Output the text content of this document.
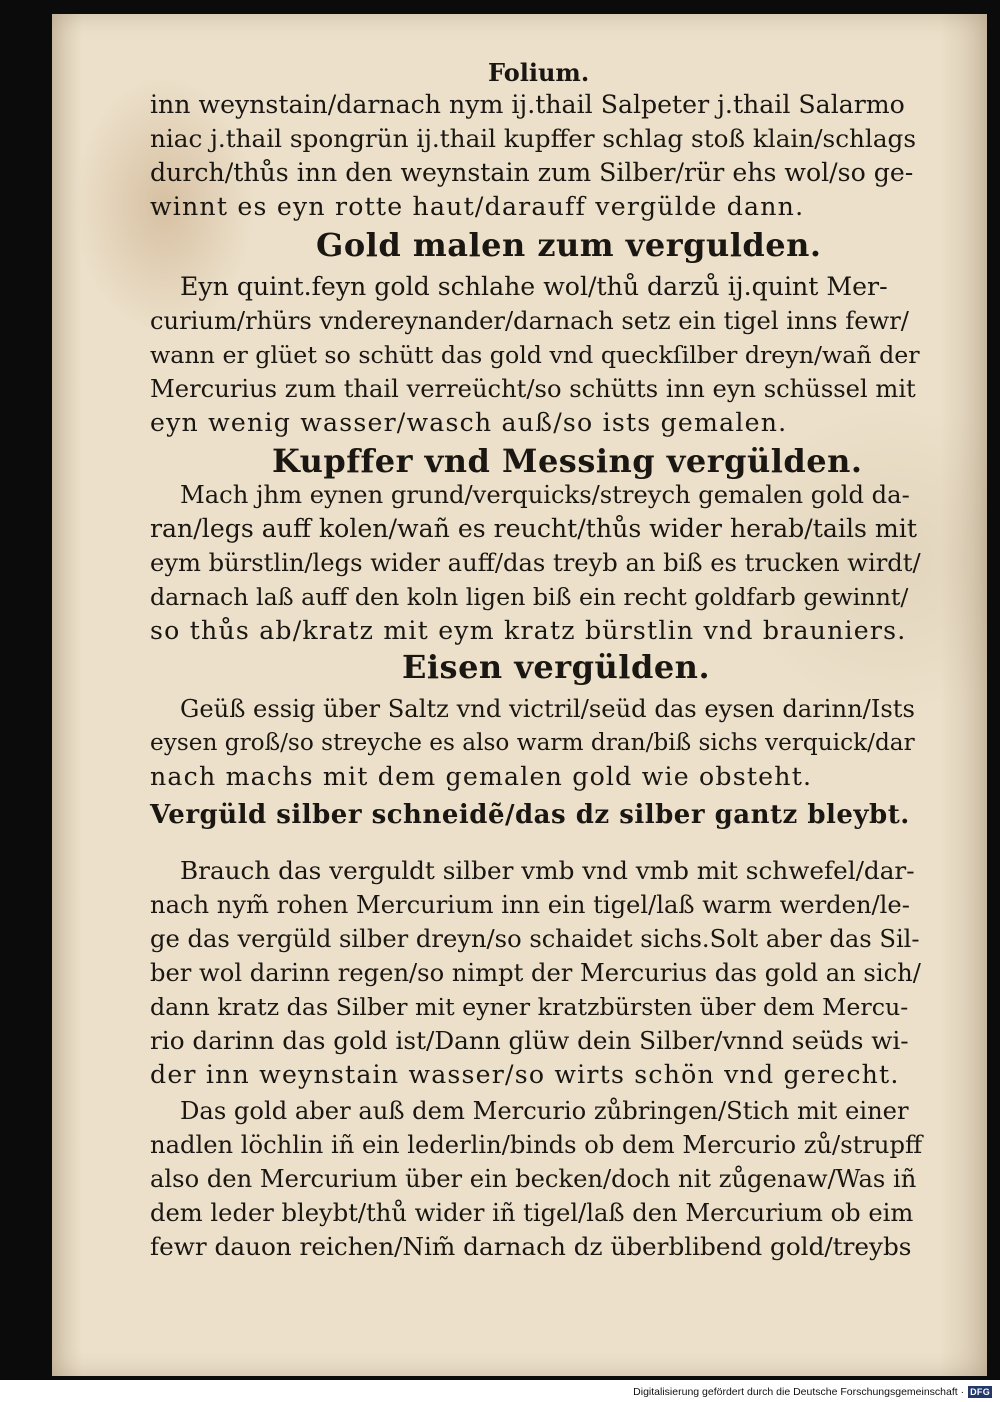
Folium.
inn weynstain/darnach nym ij.thail Salpeter j.thail Salarmo
niac j.thail spongrün ij.thail kupffer schlag stoß klain/schlags
durch/thůs inn den weynstain zum Silber/rür ehs wol/so ge-
winnt es eyn rotte haut/darauff vergülde dann.
Gold malen zum vergulden.
Eyn quint.feyn gold schlahe wol/thů darzů ij.quint Mer-
curium/rhürs vndereynander/darnach setz ein tigel inns fewr/
wann er glüet so schütt das gold vnd queckſilber dreyn/wañ der
Mercurius zum thail verreücht/so schütts inn eyn schüssel mit
eyn wenig wasser/wasch auß/so ists gemalen.
Kupffer vnd Messing vergülden.
Mach jhm eynen grund/verquicks/streych gemalen gold da-
ran/legs auff kolen/wañ es reucht/thůs wider herab/tails mit
eym bürstlin/legs wider auff/das treyb an biß es trucken wirdt/
darnach laß auff den koln ligen biß ein recht goldfarb gewinnt/
so thůs ab/kratz mit eym kratz bürstlin vnd brauniers.
Eisen vergülden.
Geüß essig über Saltz vnd victril/seüd das eysen darinn/Ists
eysen groß/so streyche es also warm dran/biß sichs verquick/dar
nach machs mit dem gemalen gold wie obsteht.
Vergüld silber schneidẽ/das dz silber gantz bleybt.
Brauch das verguldt silber vmb vnd vmb mit schwefel/dar-
nach nym̃ rohen Mercurium inn ein tigel/laß warm werden/le-
ge das vergüld silber dreyn/so schaidet sichs.Solt aber das Sil-
ber wol darinn regen/so nimpt der Mercurius das gold an sich/
dann kratz das Silber mit eyner kratzbürsten über dem Mercu-
rio darinn das gold ist/Dann glüw dein Silber/vnnd seüds wi-
der inn weynstain wasser/so wirts schön vnd gerecht.
Das gold aber auß dem Mercurio zůbringen/Stich mit einer
nadlen löchlin iñ ein lederlin/binds ob dem Mercurio zů/strupff
also den Mercurium über ein becken/doch nit zůgenaw/Was iñ
dem leder bleybt/thů wider iñ tigel/laß den Mercurium ob eim
fewr dauon reichen/Nim̃ darnach dz überblibend gold/treybs
Digitalisierung gefördert durch die Deutsche Forschungsgemeinschaft · DFG
